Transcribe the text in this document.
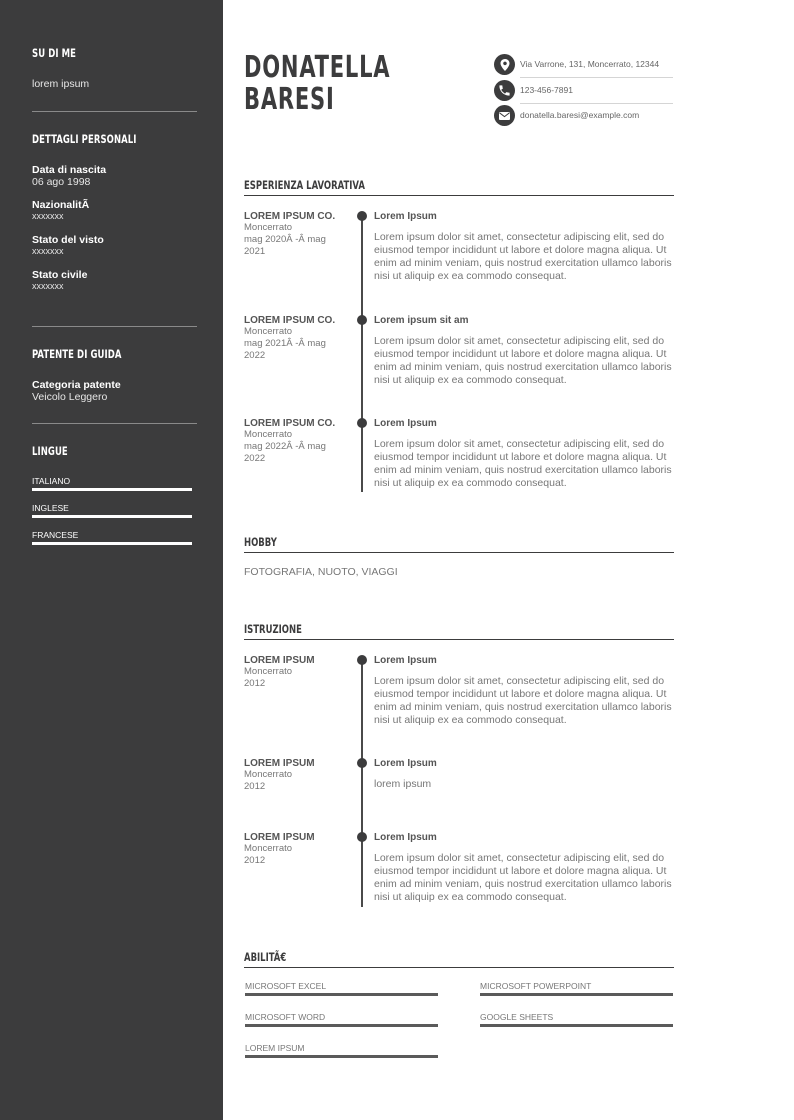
SU DI ME
lorem ipsum
DETTAGLI PERSONALI
Data di nascita
06 ago 1998
NazionalitÃ
xxxxxxx
Stato del visto
xxxxxxx
Stato civile
xxxxxxx
PATENTE DI GUIDA
Categoria patente
Veicolo Leggero
LINGUE
ITALIANO
INGLESE
FRANCESE
DONATELLA
BARESI
Via Varrone, 131, Moncerrato, 12344
123-456-7891
donatella.baresi@example.com
ESPERIENZA LAVORATIVA
LOREM IPSUM CO.
Moncerrato
mag 2020Â -Â mag 2021
Lorem Ipsum
Lorem ipsum dolor sit amet, consectetur adipiscing elit, sed do eiusmod tempor incididunt ut labore et dolore magna aliqua. Ut enim ad minim veniam, quis nostrud exercitation ullamco laboris nisi ut aliquip ex ea commodo consequat.
LOREM IPSUM CO.
Moncerrato
mag 2021Â -Â mag 2022
Lorem ipsum sit am
Lorem ipsum dolor sit amet, consectetur adipiscing elit, sed do eiusmod tempor incididunt ut labore et dolore magna aliqua. Ut enim ad minim veniam, quis nostrud exercitation ullamco laboris nisi ut aliquip ex ea commodo consequat.
LOREM IPSUM CO.
Moncerrato
mag 2022Â -Â mag 2022
Lorem Ipsum
Lorem ipsum dolor sit amet, consectetur adipiscing elit, sed do eiusmod tempor incididunt ut labore et dolore magna aliqua. Ut enim ad minim veniam, quis nostrud exercitation ullamco laboris nisi ut aliquip ex ea commodo consequat.
HOBBY
FOTOGRAFIA, NUOTO, VIAGGI
ISTRUZIONE
LOREM IPSUM
Moncerrato
2012
Lorem Ipsum
Lorem ipsum dolor sit amet, consectetur adipiscing elit, sed do eiusmod tempor incididunt ut labore et dolore magna aliqua. Ut enim ad minim veniam, quis nostrud exercitation ullamco laboris nisi ut aliquip ex ea commodo consequat.
LOREM IPSUM
Moncerrato
2012
Lorem Ipsum
lorem ipsum
LOREM IPSUM
Moncerrato
2012
Lorem Ipsum
Lorem ipsum dolor sit amet, consectetur adipiscing elit, sed do eiusmod tempor incididunt ut labore et dolore magna aliqua. Ut enim ad minim veniam, quis nostrud exercitation ullamco laboris nisi ut aliquip ex ea commodo consequat.
ABILITÃ€
MICROSOFT EXCEL	MICROSOFT POWERPOINT
MICROSOFT WORD	GOOGLE SHEETS
LOREM IPSUM
